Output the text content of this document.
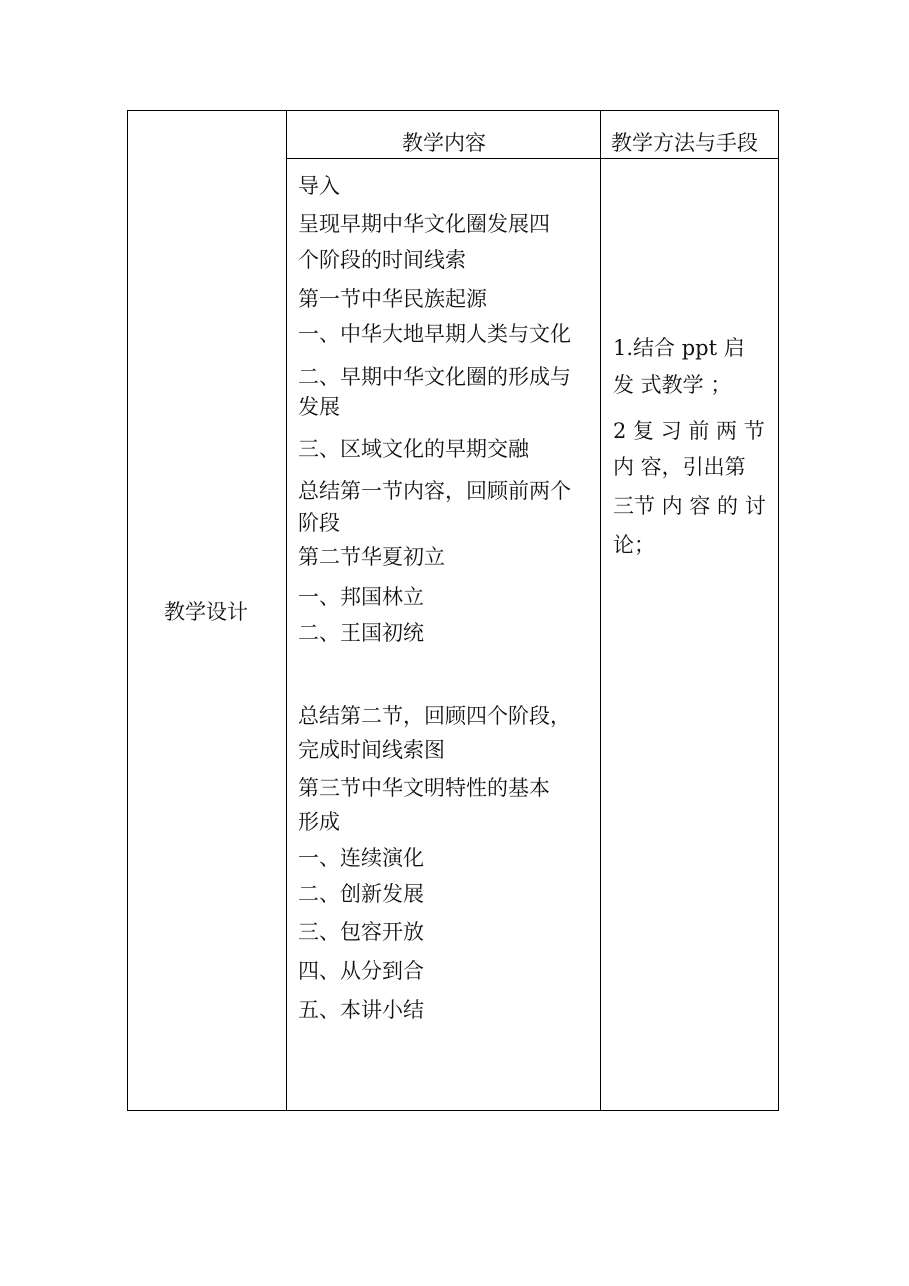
教学内容	教学方法与手段
教学设计
导入
呈现早期中华文化圈发展四
个阶段的时间线索
第一节中华民族起源
一、中华大地早期人类与文化
二、早期中华文化圈的形成与
发展
三、区域文化的早期交融
总结第一节内容，回顾前两个
阶段
第二节华夏初立
一、邦国林立
二、王国初统
总结第二节，回顾四个阶段，
完成时间线索图
第三节中华文明特性的基本
形成
一、连续演化
二、创新发展
三、包容开放
四、从分到合
五、本讲小结
1.结合 ppt 启
发 式教学 ；
2 复 习 前 两 节
内 容，引出第
三节 内 容 的 讨
论；
